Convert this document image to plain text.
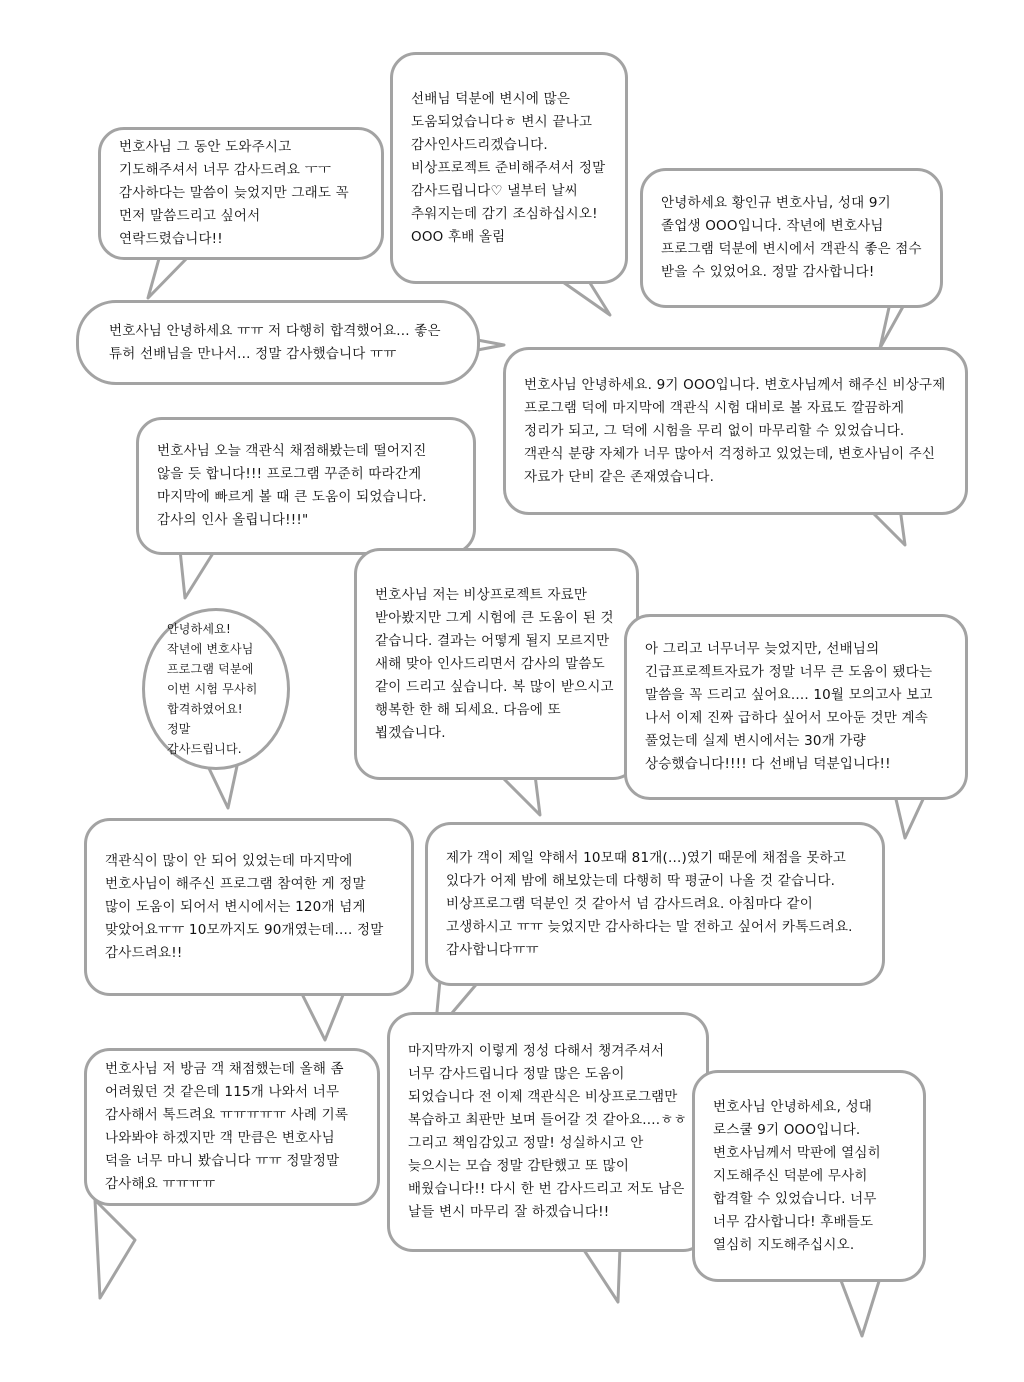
번호사님 그 동안 도와주시고 기도해주셔서 너무 감사드려요 ㅜㅜ 감사하다는 말씀이 늦었지만 그래도 꼭 먼저 말씀드리고 싶어서 연락드렸습니다!!

선배님 덕분에 변시에 많은 도움되었습니다ㅎ 변시 끝나고 감사인사드리겠습니다. 비상프로젝트 준비해주셔서 정말 감사드립니다♡ 낼부터 날씨 추워지는데 감기 조심하십시오! OOO 후배 올림

안녕하세요 황인규 변호사님, 성대 9기 졸업생 OOO입니다. 작년에 변호사님 프로그램 덕분에 변시에서 객관식 좋은 점수 받을 수 있었어요. 정말 감사합니다!

번호사님 안녕하세요 ㅠㅠ 저 다행히 합격했어요... 좋은 튜허 선배님을 만나서... 정말 감사했습니다 ㅠㅠ

번호사님 안녕하세요. 9기 OOO입니다. 변호사님께서 해주신 비상구제 프로그램 덕에 마지막에 객관식 시험 대비로 볼 자료도 깔끔하게 정리가 되고, 그 덕에 시험을 무리 없이 마무리할 수 있었습니다. 객관식 분량 자체가 너무 많아서 걱정하고 있었는데, 변호사님이 주신 자료가 단비 같은 존재였습니다.

번호사님 오늘 객관식 채점해봤는데 떨어지진 않을 듯 합니다!!! 프로그램 꾸준히 따라간게 마지막에 빠르게 볼 때 큰 도움이 되었습니다. 감사의 인사 올립니다!!!"

번호사님 저는 비상프로젝트 자료만 받아봤지만 그게 시험에 큰 도움이 된 것 같습니다. 결과는 어떻게 될지 모르지만 새해 맞아 인사드리면서 감사의 말씀도 같이 드리고 싶습니다. 복 많이 받으시고 행복한 한 해 되세요. 다음에 또 뵙겠습니다.

안녕하세요! 작년에 변호사님 프로그램 덕분에 이번 시험 무사히 합격하였어요! 정말 감사드립니다.

아 그리고 너무너무 늦었지만, 선배님의 긴급프로젝트자료가 정말 너무 큰 도움이 됐다는 말씀을 꼭 드리고 싶어요.... 10월 모의고사 보고 나서 이제 진짜 급하다 싶어서 모아둔 것만 계속 풀었는데 실제 변시에서는 30개 가량 상승했습니다!!!! 다 선배님 덕분입니다!!

객관식이 많이 안 되어 있었는데 마지막에 번호사님이 해주신 프로그램 참여한 게 정말 많이 도움이 되어서 변시에서는 120개 넘게 맞았어요ㅠㅠ 10모까지도 90개였는데.... 정말 감사드려요!!

제가 객이 제일 약해서 10모때 81개(...)였기 때문에 채점을 못하고 있다가 어제 밤에 해보았는데 다행히 딱 평균이 나올 것 같습니다. 비상프로그램 덕분인 것 같아서 넘 감사드려요. 아침마다 같이 고생하시고 ㅠㅠ 늦었지만 감사하다는 말 전하고 싶어서 카톡드려요. 감사합니다ㅠㅠ

번호사님 저 방금 객 채점했는데 올해 좀 어려웠던 것 같은데 115개 나와서 너무 감사해서 톡드려요 ㅠㅠㅠㅠㅠ 사례 기록 나와봐야 하겠지만 객 만큼은 변호사님 덕을 너무 마니 봤습니다 ㅠㅠ 정말정말 감사해요 ㅠㅠㅠㅠ

마지막까지 이렇게 정성 다해서 챙겨주셔서 너무 감사드립니다 정말 많은 도움이 되었습니다 전 이제 객관식은 비상프로그램만 복습하고 최판만 보며 들어갈 것 같아요....ㅎㅎ 그리고 책임감있고 정말! 성실하시고 안 늦으시는 모습 정말 감탄했고 또 많이 배웠습니다!! 다시 한 번 감사드리고 저도 남은 날들 변시 마무리 잘 하겠습니다!!

번호사님 안녕하세요, 성대 로스쿨 9기 OOO입니다. 변호사님께서 막판에 열심히 지도해주신 덕분에 무사히 합격할 수 있었습니다. 너무 너무 감사합니다! 후배들도 열심히 지도해주십시오.
